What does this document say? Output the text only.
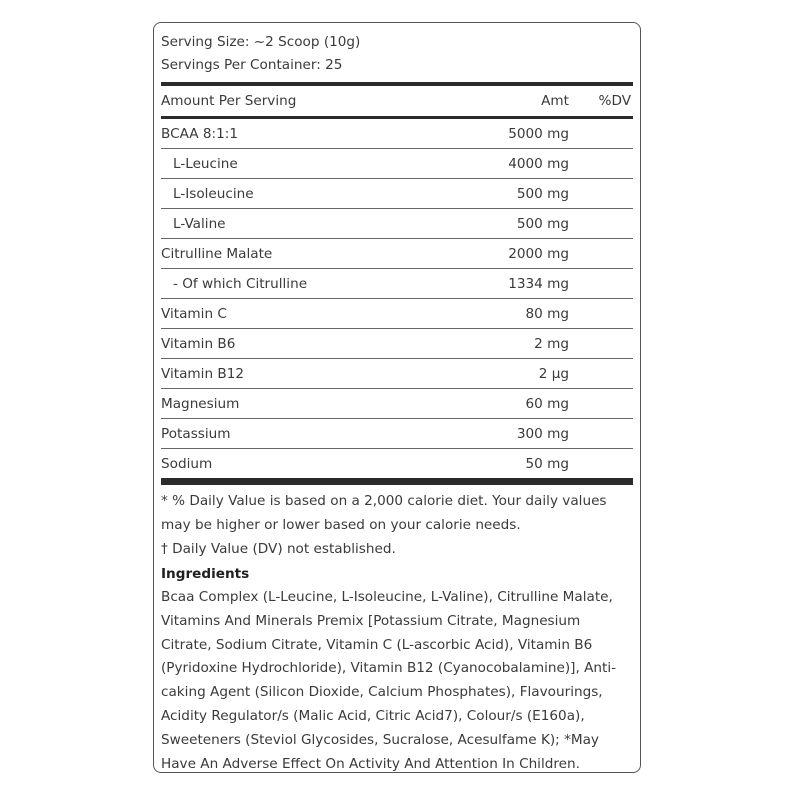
Serving Size: ~2 Scoop (10g)
Servings Per Container: 25
Amount Per Serving	Amt	%DV
BCAA 8:1:1	5000 mg
L-Leucine	4000 mg
L-Isoleucine	500 mg
L-Valine	500 mg
Citrulline Malate	2000 mg
- Of which Citrulline	1334 mg
Vitamin C	80 mg
Vitamin B6	2 mg
Vitamin B12	2 µg
Magnesium	60 mg
Potassium	300 mg
Sodium	50 mg
* % Daily Value is based on a 2,000 calorie diet. Your daily values may be higher or lower based on your calorie needs.
† Daily Value (DV) not established.
Ingredients
Bcaa Complex (L-Leucine, L-Isoleucine, L-Valine), Citrulline Malate, Vitamins And Minerals Premix [Potassium Citrate, Magnesium Citrate, Sodium Citrate, Vitamin C (L-ascorbic Acid), Vitamin B6 (Pyridoxine Hydrochloride), Vitamin B12 (Cyanocobalamine)], Anti-caking Agent (Silicon Dioxide, Calcium Phosphates), Flavourings, Acidity Regulator/s (Malic Acid, Citric Acid7), Colour/s (E160a), Sweeteners (Steviol Glycosides, Sucralose, Acesulfame K); *May Have An Adverse Effect On Activity And Attention In Children.
